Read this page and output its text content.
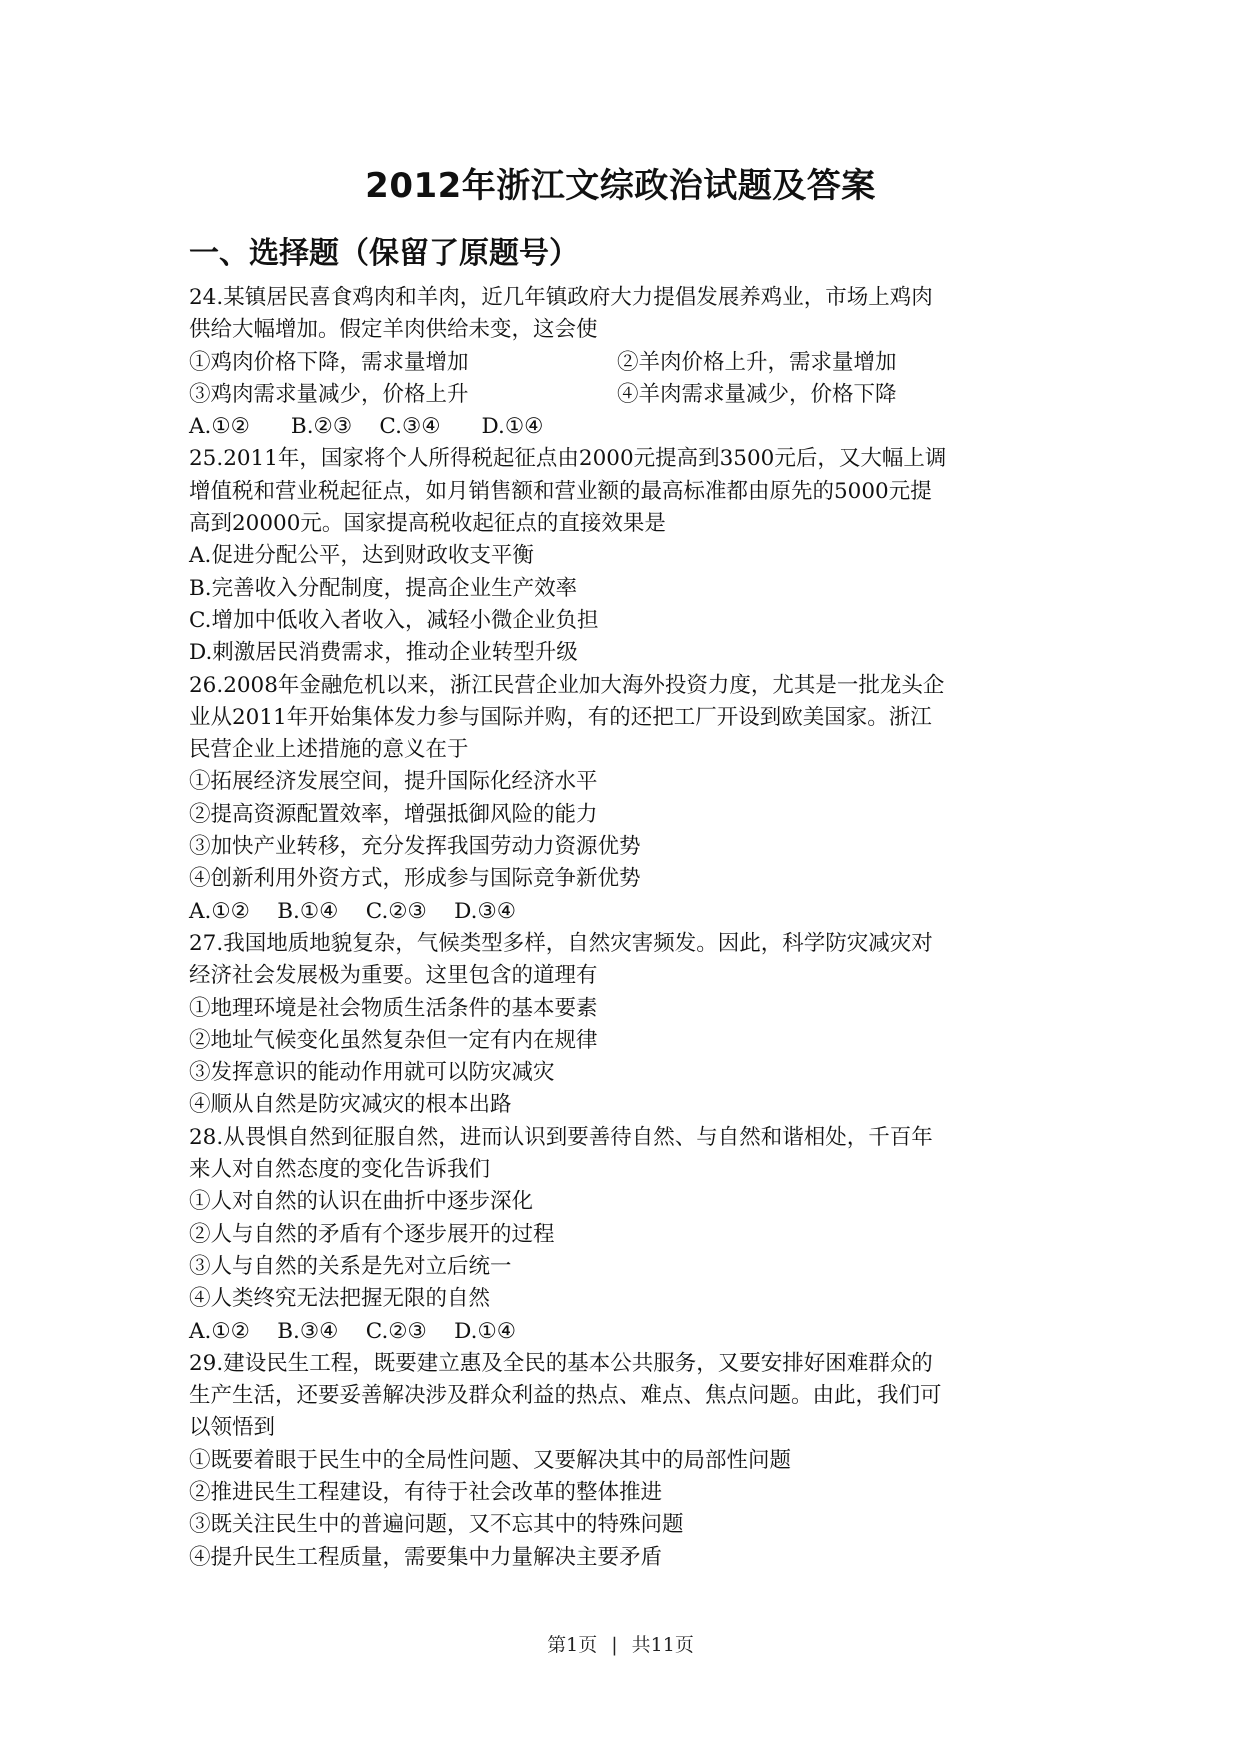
2012年浙江文综政治试题及答案
一、选择题（保留了原题号）
24.某镇居民喜食鸡肉和羊肉，近几年镇政府大力提倡发展养鸡业，市场上鸡肉
供给大幅增加。假定羊肉供给未变，这会使
①鸡肉价格下降，需求量增加	②羊肉价格上升，需求量增加
③鸡肉需求量减少，价格上升	④羊肉需求量减少，价格下降
A.①②      B.②③    C.③④      D.①④
25.2011年，国家将个人所得税起征点由2000元提高到3500元后，又大幅上调
增值税和营业税起征点，如月销售额和营业额的最高标准都由原先的5000元提
高到20000元。国家提高税收起征点的直接效果是
A.促进分配公平，达到财政收支平衡
B.完善收入分配制度，提高企业生产效率
C.增加中低收入者收入，减轻小微企业负担
D.刺激居民消费需求，推动企业转型升级
26.2008年金融危机以来，浙江民营企业加大海外投资力度，尤其是一批龙头企
业从2011年开始集体发力参与国际并购，有的还把工厂开设到欧美国家。浙江
民营企业上述措施的意义在于
①拓展经济发展空间，提升国际化经济水平
②提高资源配置效率，增强抵御风险的能力
③加快产业转移，充分发挥我国劳动力资源优势
④创新利用外资方式，形成参与国际竞争新优势
A.①②    B.①④    C.②③    D.③④
27.我国地质地貌复杂，气候类型多样，自然灾害频发。因此，科学防灾减灾对
经济社会发展极为重要。这里包含的道理有
①地理环境是社会物质生活条件的基本要素
②地址气候变化虽然复杂但一定有内在规律
③发挥意识的能动作用就可以防灾减灾
④顺从自然是防灾减灾的根本出路
28.从畏惧自然到征服自然，进而认识到要善待自然、与自然和谐相处，千百年
来人对自然态度的变化告诉我们
①人对自然的认识在曲折中逐步深化
②人与自然的矛盾有个逐步展开的过程
③人与自然的关系是先对立后统一
④人类终究无法把握无限的自然
A.①②    B.③④    C.②③    D.①④
29.建设民生工程，既要建立惠及全民的基本公共服务，又要安排好困难群众的
生产生活，还要妥善解决涉及群众利益的热点、难点、焦点问题。由此，我们可
以领悟到
①既要着眼于民生中的全局性问题、又要解决其中的局部性问题
②推进民生工程建设，有待于社会改革的整体推进
③既关注民生中的普遍问题，又不忘其中的特殊问题
④提升民生工程质量，需要集中力量解决主要矛盾
第1页 | 共11页
